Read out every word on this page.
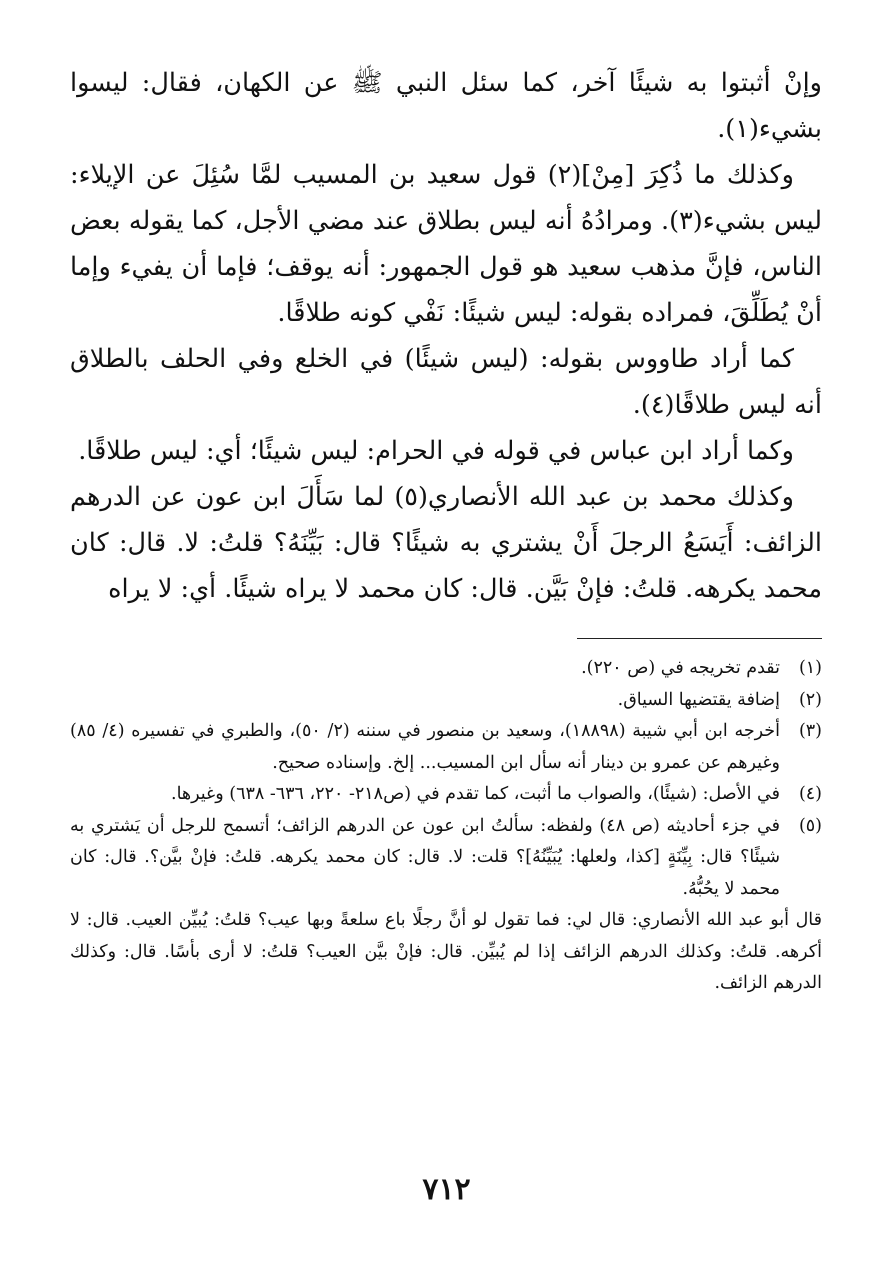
وإنْ أثبتوا به شيئًا آخر، كما سئل النبي ﷺ عن الكهان، فقال: ليسوا بشيء(١).

وكذلك ما ذُكِرَ [مِنْ](٢) قول سعيد بن المسيب لمَّا سُئِلَ عن الإيلاء: ليس بشيء(٣). ومرادُهُ أنه ليس بطلاق عند مضي الأجل، كما يقوله بعض الناس، فإنَّ مذهب سعيد هو قول الجمهور: أنه يوقف؛ فإما أن يفيء وإما أنْ يُطَلِّقَ، فمراده بقوله: ليس شيئًا: نَفْي كونه طلاقًا.

كما أراد طاووس بقوله: (ليس شيئًا) في الخلع وفي الحلف بالطلاق أنه ليس طلاقًا(٤).

وكما أراد ابن عباس في قوله في الحرام: ليس شيئًا؛ أي: ليس طلاقًا.

وكذلك محمد بن عبد الله الأنصاري(٥) لما سَأَلَ ابن عون عن الدرهم الزائف: أَيَسَعُ الرجلَ أَنْ يشتري به شيئًا؟ قال: بَيِّنَهُ؟ قلتُ: لا. قال: كان محمد يكرهه. قلتُ: فإنْ بَيَّن. قال: كان محمد لا يراه شيئًا. أي: لا يراه

(١)

تقدم تخريجه في (ص ٢٢٠).

(٢)

إضافة يقتضيها السياق.

(٣)

أخرجه ابن أبي شيبة (١٨٨٩٨)، وسعيد بن منصور في سننه (٢/ ٥٠)، والطبري في تفسيره (٤/ ٨٥) وغيرهم عن عمرو بن دينار أنه سأل ابن المسيب... إلخ. وإسناده صحيح.

(٤)

في الأصل: (شيئًا)، والصواب ما أثبت، كما تقدم في (ص٢١٨- ٢٢٠، ٦٣٦- ٦٣٨) وغيرها.

(٥)

في جزء أحاديثه (ص ٤٨) ولفظه: سألتُ ابن عون عن الدرهم الزائف؛ أتسمح للرجل أن يَشتري به شيئًا؟ قال: بِيِّنَةٍ [كذا، ولعلها: يُبَيِّنُهُ]؟ قلت: لا. قال: كان محمد يكرهه. قلتُ: فإنْ بيَّن؟. قال: كان محمد لا يحُبُّهُ.

قال أبو عبد الله الأنصاري: قال لي: فما تقول لو أنَّ رجلًا باع سلعةً وبها عيب؟ قلتُ: يُبيِّن العيب. قال: لا أكرهه. قلتُ: وكذلك الدرهم الزائف إذا لم يُبيِّن. قال: فإنْ بيَّن العيب؟ قلتُ: لا أرى بأسًا. قال: وكذلك الدرهم الزائف.

٧١٢
